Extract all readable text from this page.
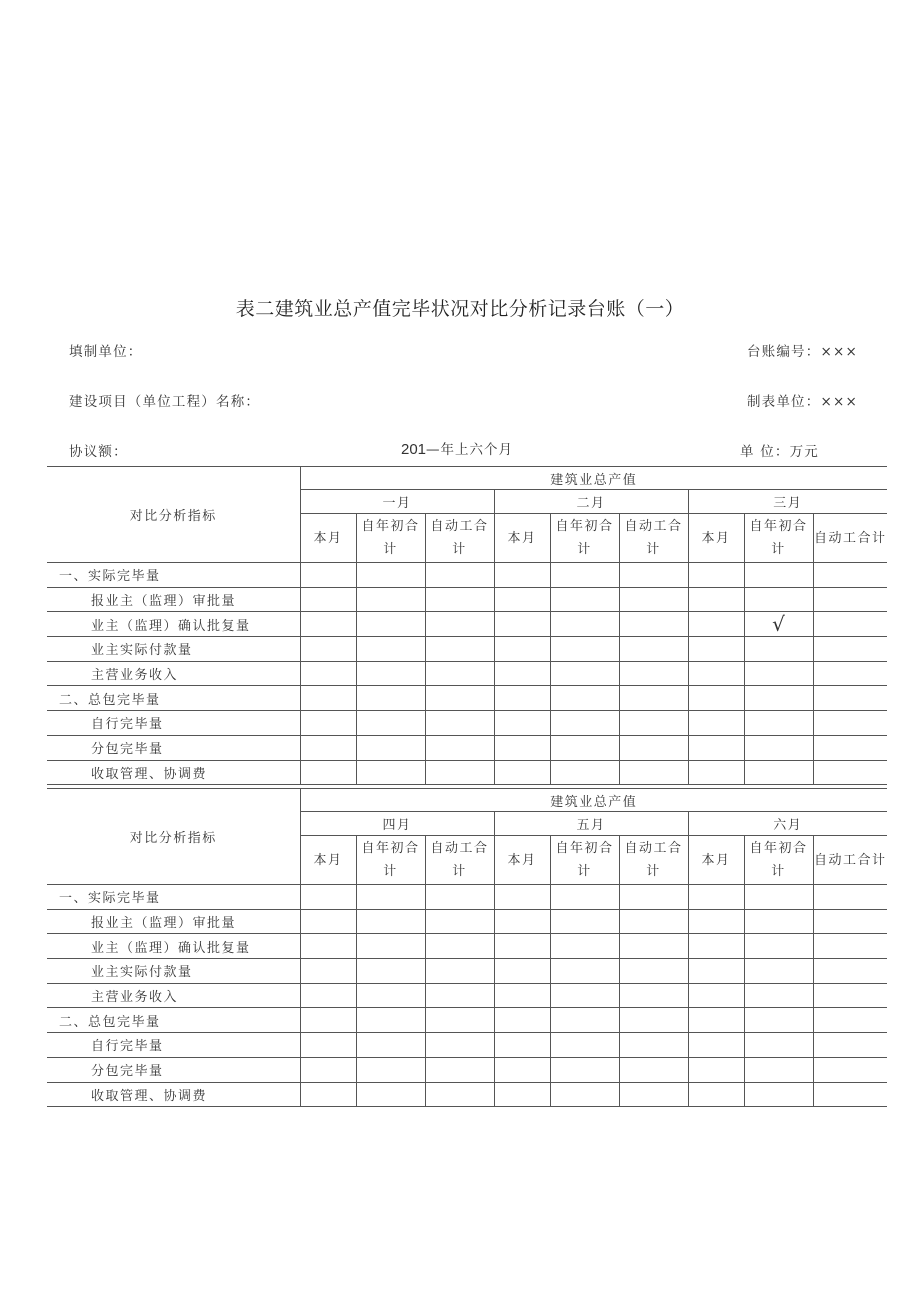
表二建筑业总产值完毕状况对比分析记录台账（一）
填制单位：	台账编号：×××
建设项目（单位工程）名称：	制表单位：×××
协议额：	201—年上六个月	单 位：万元
对比分析指标	建筑业总产值								
	一月			二月			三月		
	本月	自年初合计	自动工合计	本月	自年初合计	自动工合计	本月	自年初合计	自动工合计
一、实际完毕量									
报业主（监理）审批量									
业主（监理）确认批复量								√	
业主实际付款量									
主营业务收入									
二、总包完毕量									
自行完毕量									
分包完毕量									
收取管理、协调费									
对比分析指标	建筑业总产值								
	四月			五月			六月		
	本月	自年初合计	自动工合计	本月	自年初合计	自动工合计	本月	自年初合计	自动工合计
一、实际完毕量									
报业主（监理）审批量									
业主（监理）确认批复量									
业主实际付款量									
主营业务收入									
二、总包完毕量									
自行完毕量									
分包完毕量									
收取管理、协调费									
